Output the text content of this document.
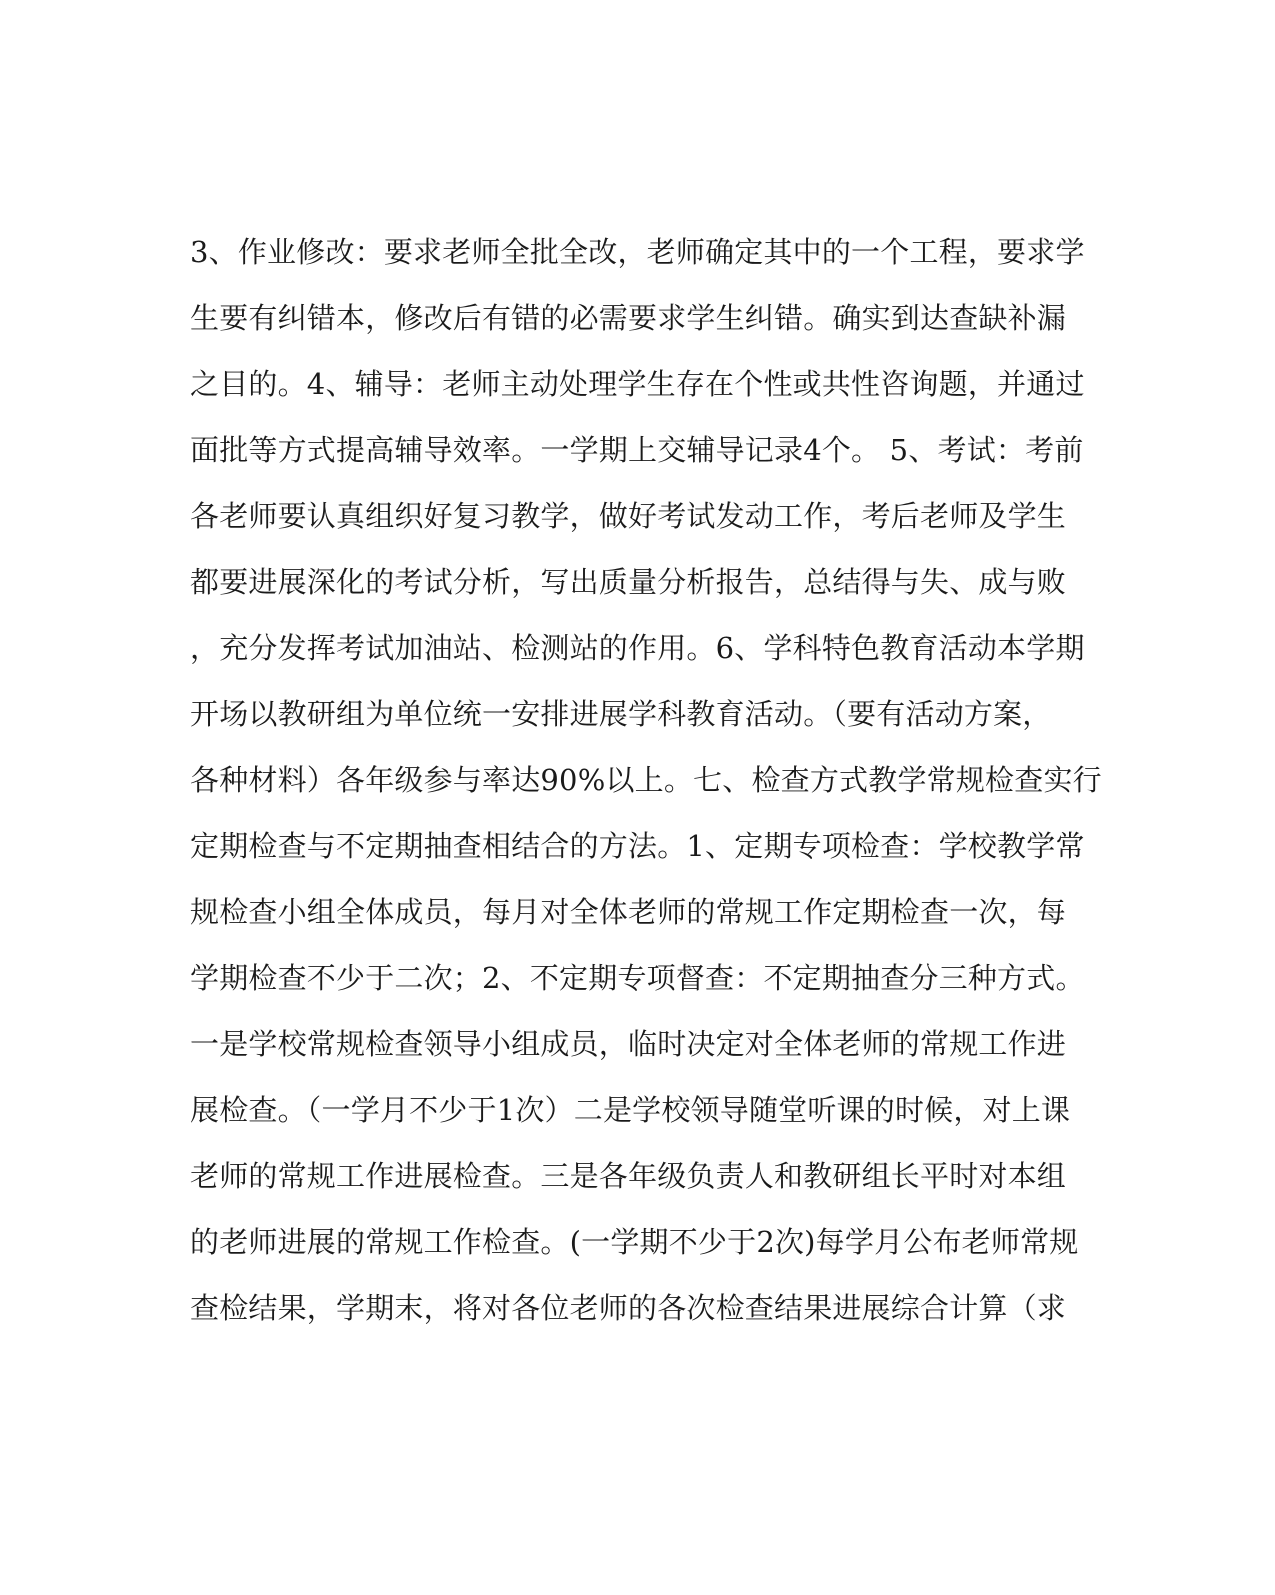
3、作业修改：要求老师全批全改，老师确定其中的一个工程，要求学
生要有纠错本，修改后有错的必需要求学生纠错。确实到达查缺补漏
之目的。4、辅导：老师主动处理学生存在个性或共性咨询题，并通过
面批等方式提高辅导效率。一学期上交辅导记录4个。 5、考试：考前
各老师要认真组织好复习教学，做好考试发动工作，考后老师及学生
都要进展深化的考试分析，写出质量分析报告，总结得与失、成与败
，充分发挥考试加油站、检测站的作用。6、学科特色教育活动本学期
开场以教研组为单位统一安排进展学科教育活动。（要有活动方案，
各种材料）各年级参与率达90%以上。七、检查方式教学常规检查实行
定期检查与不定期抽查相结合的方法。1、定期专项检查：学校教学常
规检查小组全体成员，每月对全体老师的常规工作定期检查一次，每
学期检查不少于二次；2、不定期专项督查：不定期抽查分三种方式。
一是学校常规检查领导小组成员，临时决定对全体老师的常规工作进
展检查。（一学月不少于1次）二是学校领导随堂听课的时候，对上课
老师的常规工作进展检查。三是各年级负责人和教研组长平时对本组
的老师进展的常规工作检查。(一学期不少于2次)每学月公布老师常规
查检结果，学期末，将对各位老师的各次检查结果进展综合计算（求
